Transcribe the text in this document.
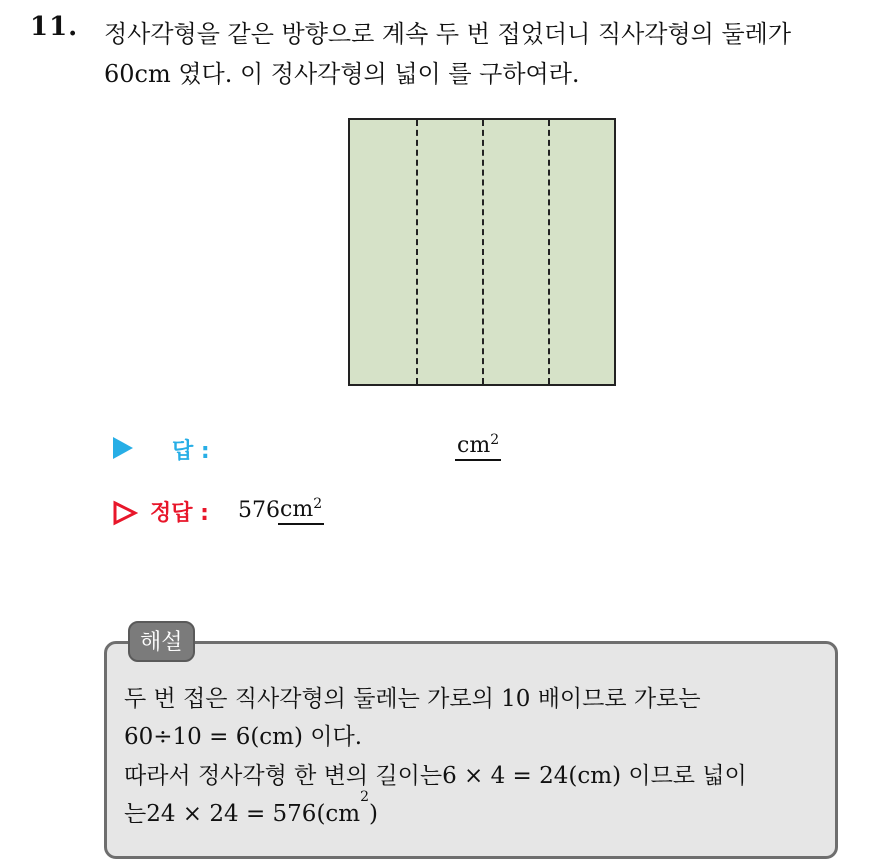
11. 정사각형을 같은 방향으로 계속 두 번 접었더니 직사각형의 둘레가
60cm 였다. 이 정사각형의 넓이 를 구하여라.
답 :	$cm^2$
정답 : 576 $cm^2$
해설
두 번 접은 직사각형의 둘레는 가로의 10 배이므로 가로는
60÷10 = 6(cm) 이다.
따라서 정사각형 한 변의 길이는6 × 4 = 24(cm) 이므로 넓이
는$24 \times 24 = 576(cm^2)$
